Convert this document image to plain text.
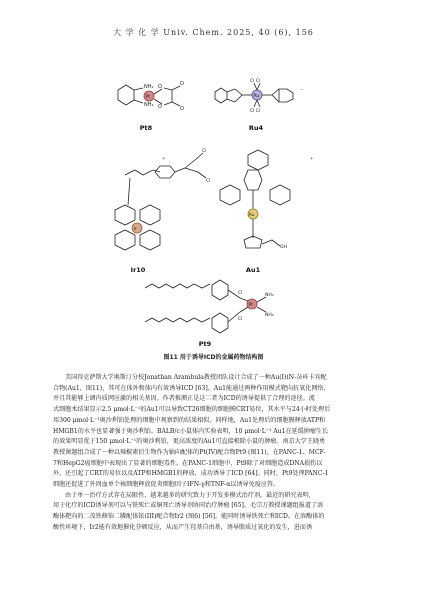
大 学 化 学 Univ. Chem. 2025, 40 (6), 156
NH₂
NH₂
Pt
O
O
O
O
Ru
Cl Cl
Cl Cl
⁻
Cl
Cl
Ir
⁺
Au
OH
⁺
Pt
NH₃
NH₃
Cl
Cl
Pt8	Ru4
Ir10	Au1
Pt9
图11 用于诱导ICD的金属药物结构图

美国得克萨斯大学奥斯汀分校Jonathan Arambula教授团队设计合成了一种Au(I)(N-杂环卡宾配
合物(Au1，图11)，其可在体外和体内有效诱导ICD [63]。Au1能通过两种作用模式靶向抗氧化网络，
并且其能够上调内质网应激的相关基因。作者推测正是这二者为ICD的诱导提供了合理的途径。流
式细胞术结果显示2.5 μmol·L⁻¹的Au1可以导致CT26细胞的细胞膜CRT易位，其水平与24小时处理后
用300 μmol·L⁻¹奥沙利铂处理的细胞中观察到的结果相似。同样地，Au1处理后的细胞膜释放ATP和
HMGB1的水平也显著强于奥沙利铂。BALB/c小鼠体内实验表明，10 μmol·L⁻¹ Au1在延缓肿瘤生长
的效果明显优于150 μmol·L⁻¹的奥沙利铂，更高浓度的Au1可直接根除小鼠的肿瘤。南京大学王晓勇
教授课题组合成了一种以辣椒素衍生物作为轴向配体的Pt(IV)配合物Pt9 (图11)，在PANC-1、MCF-
7和HepG2癌细胞中表现出了显著的细胞毒性。在PANC-1细胞中，Pt9除了对细胞造成DNA损伤以
外，还引起了CRT的易位以及ATP和HMGB1的释放，成功诱导了ICD [64]。同时，Pt9处理PANC-1
细胞还促进了外周血单个核细胞释放促炎细胞因子IFN-γ和TNF-α以诱导免疫应答。

由于单一治疗方式存在局限性，越来越多的研究致力于开发多模式治疗剂。最近的研究表明，
用于化疗的ICD诱导剂可以与铁死亡或铜死亡诱导剂协同治疗肿瘤 [65]。毛宗万教授课题组报道了溶
酶体靶向的二茂铁修饰二膦配体铱(III)配合物Ir2 (图6) [56]，能同时诱导铁死亡和ICD。在溶酶体的
酸性环境下，Ir2能有效地催化芬顿反应，从而产生羟基自由基，诱导脂质过氧化的发生，进而诱
